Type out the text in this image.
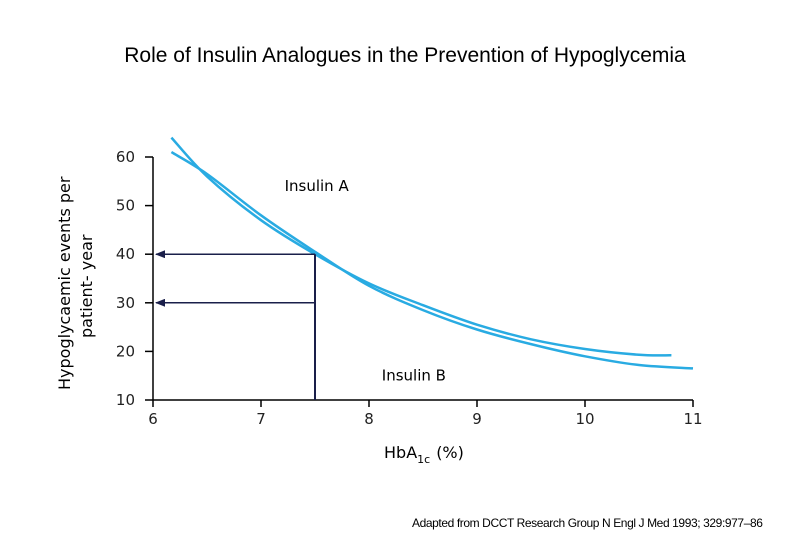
Role of Insulin Analogues in the Prevention of Hypoglycemia
Hypoglycaemic events per patient- year
60
50
40
30
20
10
6	7	8	9	10	11
Insulin A
Insulin B
HbA$_{1c}$ (%)
Adapted from DCCT Research Group N Engl J Med 1993; 329:977–86
